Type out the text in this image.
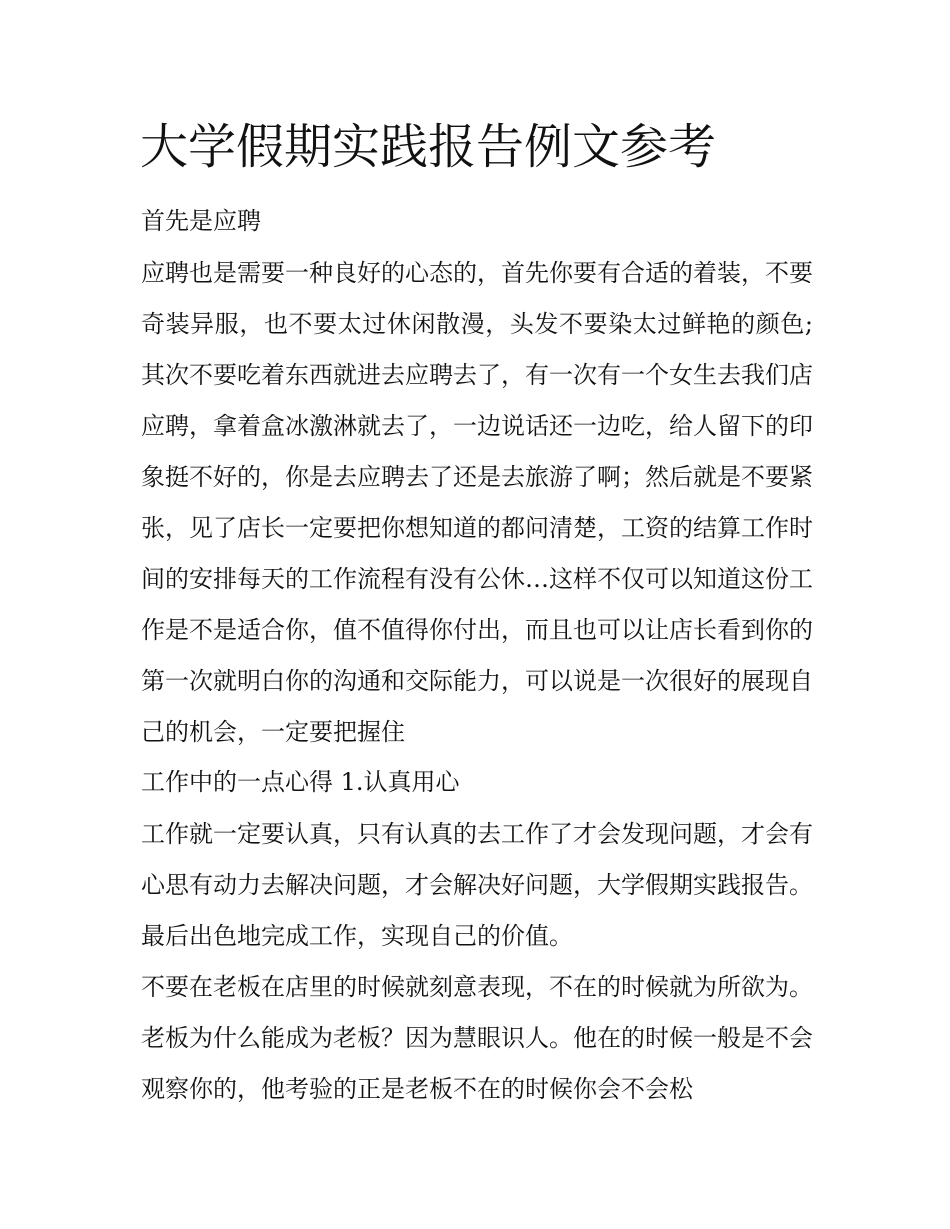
大学假期实践报告例文参考

首先是应聘

应聘也是需要一种良好的心态的，首先你要有合适的着装，不要奇装异服，也不要太过休闲散漫，头发不要染太过鲜艳的颜色;其次不要吃着东西就进去应聘去了，有一次有一个女生去我们店应聘，拿着盒冰激淋就去了，一边说话还一边吃，给人留下的印象挺不好的，你是去应聘去了还是去旅游了啊；然后就是不要紧张，见了店长一定要把你想知道的都问清楚，工资的结算工作时间的安排每天的工作流程有没有公休…这样不仅可以知道这份工作是不是适合你，值不值得你付出，而且也可以让店长看到你的第一次就明白你的沟通和交际能力，可以说是一次很好的展现自己的机会，一定要把握住

工作中的一点心得 1.认真用心

工作就一定要认真，只有认真的去工作了才会发现问题，才会有心思有动力去解决问题，才会解决好问题，大学假期实践报告。最后出色地完成工作，实现自己的价值。

不要在老板在店里的时候就刻意表现，不在的时候就为所欲为。老板为什么能成为老板？因为慧眼识人。他在的时候一般是不会观察你的，他考验的正是老板不在的时候你会不会松
